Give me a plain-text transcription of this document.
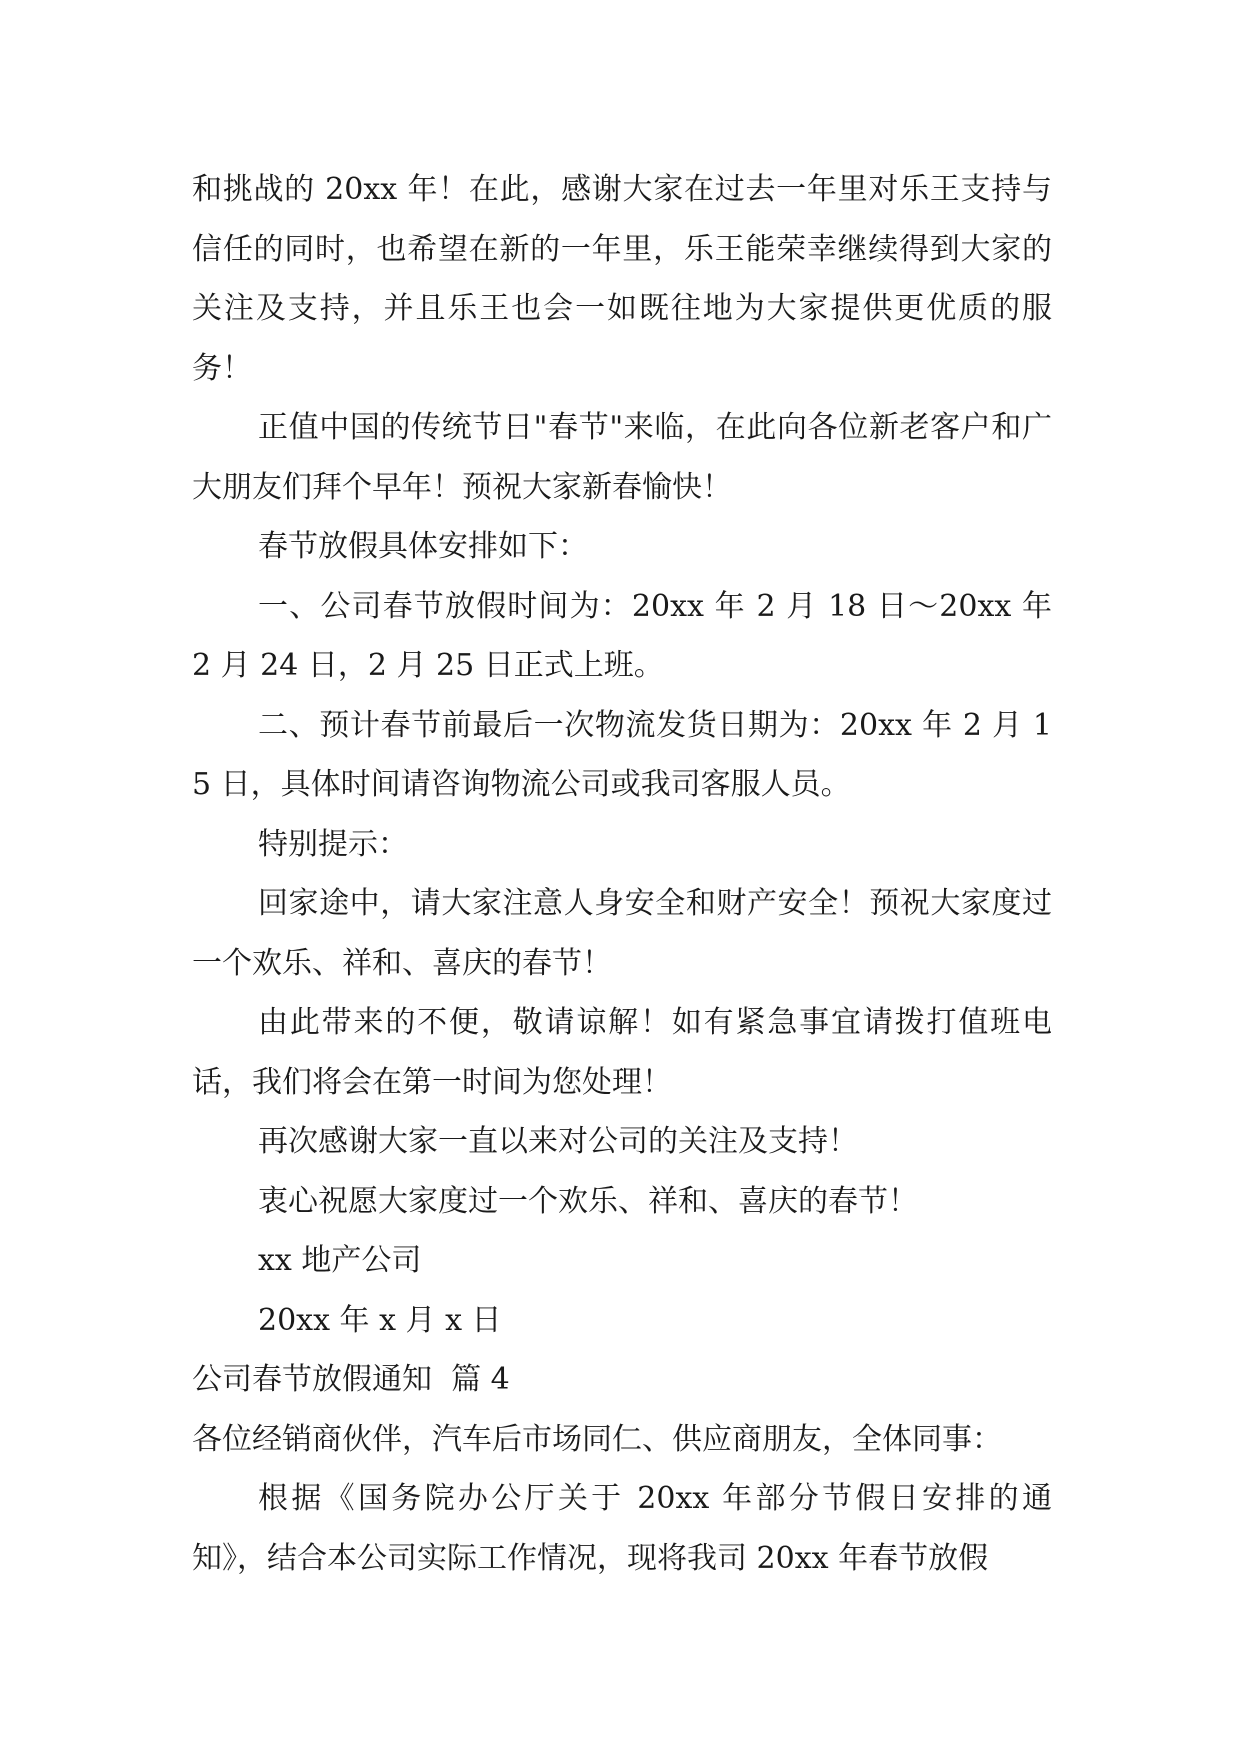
和挑战的 20xx 年！在此，感谢大家在过去一年里对乐王支持与信任的同时，也希望在新的一年里，乐王能荣幸继续得到大家的关注及支持，并且乐王也会一如既往地为大家提供更优质的服务！

正值中国的传统节日"春节"来临，在此向各位新老客户和广大朋友们拜个早年！预祝大家新春愉快！

春节放假具体安排如下：

一、公司春节放假时间为：20xx 年 2 月 18 日～20xx 年 2 月 24 日，2 月 25 日正式上班。

二、预计春节前最后一次物流发货日期为：20xx 年 2 月 15 日，具体时间请咨询物流公司或我司客服人员。

特别提示：

回家途中，请大家注意人身安全和财产安全！预祝大家度过一个欢乐、祥和、喜庆的春节！

由此带来的不便，敬请谅解！如有紧急事宜请拨打值班电话，我们将会在第一时间为您处理！

再次感谢大家一直以来对公司的关注及支持！

衷心祝愿大家度过一个欢乐、祥和、喜庆的春节！

xx 地产公司

20xx 年 x 月 x 日

公司春节放假通知  篇 4

各位经销商伙伴，汽车后市场同仁、供应商朋友，全体同事：

根据《国务院办公厅关于 20xx 年部分节假日安排的通知》，结合本公司实际工作情况，现将我司 20xx 年春节放假
